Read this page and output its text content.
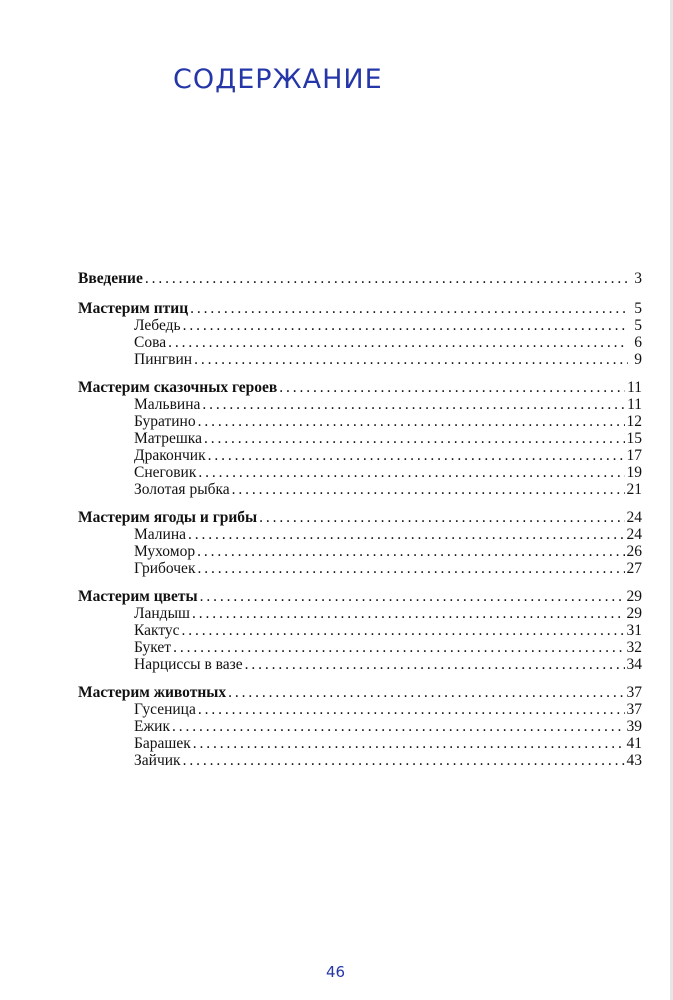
СОДЕРЖАНИЕ
Введение . . .	3
Мастерим птиц . . .	5
Лебедь . . .	5
Сова . . .	6
Пингвин . . .	9
Мастерим сказочных героев . . .	11
Мальвина . . .	11
Буратино . . .	12
Матрешка . . .	15
Дракончик . . .	17
Снеговик . . .	19
Золотая рыбка . . .	21
Мастерим ягоды и грибы . . .	24
Малина . . .	24
Мухомор . . .	26
Грибочек . . .	27
Мастерим цветы . . .	29
Ландыш . . .	29
Кактус . . .	31
Букет . . .	32
Нарциссы в вазе . . .	34
Мастерим животных . . .	37
Гусеница . . .	37
Ежик . . .	39
Барашек . . .	41
Зайчик . . .	43
46
